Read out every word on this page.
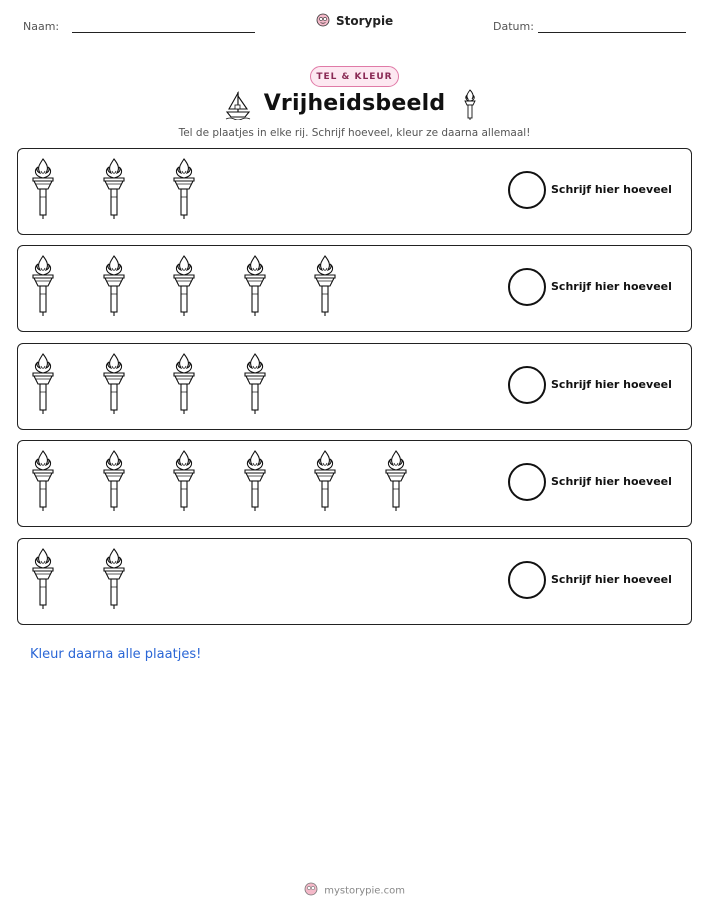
Naam:	Storypie	Datum:
TEL & KLEUR
Vrijheidsbeeld
Tel de plaatjes in elke rij. Schrijf hoeveel, kleur ze daarna allemaal!
Schrijf hier hoeveel
Schrijf hier hoeveel
Schrijf hier hoeveel
Schrijf hier hoeveel
Schrijf hier hoeveel
Kleur daarna alle plaatjes!
mystorypie.com
